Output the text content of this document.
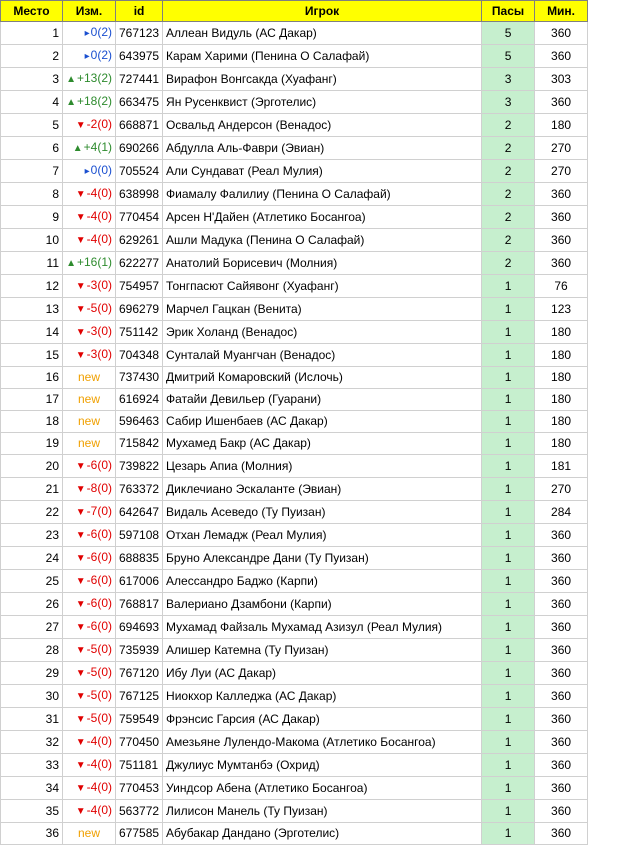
Место	Изм.	id	Игрок	Пасы	Мин.	
1	▸0(2)	767123	Аллеан Видуль (АС Дакар)	5	360	
2	▸0(2)	643975	Карам Харими (Пенина О Салафай)	5	360	
3	▲+13(2)	727441	Вирафон Вонгсакда (Хуафанг)	3	303	
4	▲+18(2)	663475	Ян Русенквист (Эрготелис)	3	360	
5	▼-2(0)	668871	Освальд Андерсон (Венадос)	2	180	
6	▲+4(1)	690266	Абдулла Аль-Фаври (Эвиан)	2	270	
7	▸0(0)	705524	Али Сундават (Реал Мулия)	2	270	
8	▼-4(0)	638998	Фиамалу Фалилиу (Пенина О Салафай)	2	360	
9	▼-4(0)	770454	Арсен Н'Дайен (Атлетико Босангоа)	2	360	
10	▼-4(0)	629261	Ашли Мадука (Пенина О Салафай)	2	360	
11	▲+16(1)	622277	Анатолий Борисевич (Молния)	2	360	
12	▼-3(0)	754957	Тонгпасют Сайявонг (Хуафанг)	1	76	
13	▼-5(0)	696279	Марчел Гацкан (Венита)	1	123	
14	▼-3(0)	751142	Эрик Холанд (Венадос)	1	180	
15	▼-3(0)	704348	Сунталай Муангчан (Венадос)	1	180	
16	new	737430	Дмитрий Комаровский (Ислочь)	1	180	
17	new	616924	Фатайи Девильер (Гуарани)	1	180	
18	new	596463	Сабир Ишенбаев (АС Дакар)	1	180	
19	new	715842	Мухамед Бакр (АС Дакар)	1	180	
20	▼-6(0)	739822	Цезарь Апиа (Молния)	1	181	
21	▼-8(0)	763372	Диклечиано Эскаланте (Эвиан)	1	270	
22	▼-7(0)	642647	Видаль Асеведо (Ту Пуизан)	1	284	
23	▼-6(0)	597108	Отхан Лемадж (Реал Мулия)	1	360	
24	▼-6(0)	688835	Бруно Александре Дани (Ту Пуизан)	1	360	
25	▼-6(0)	617006	Алессандро Баджо (Карпи)	1	360	
26	▼-6(0)	768817	Валериано Дзамбони (Карпи)	1	360	
27	▼-6(0)	694693	Мухамад Файзаль Мухамад Азизул (Реал Мулия)	1	360	
28	▼-5(0)	735939	Алишер Катемна (Ту Пуизан)	1	360	
29	▼-5(0)	767120	Ибу Луи (АС Дакар)	1	360	
30	▼-5(0)	767125	Ниокхор Калледжа (АС Дакар)	1	360	
31	▼-5(0)	759549	Фрэнсис Гарсия (АС Дакар)	1	360	
32	▼-4(0)	770450	Амезьяне Лулендо-Макома (Атлетико Босангоа)	1	360	
33	▼-4(0)	751181	Джулиус Мумтанбэ (Охрид)	1	360	
34	▼-4(0)	770453	Уиндсор Абена (Атлетико Босангоа)	1	360	
35	▼-4(0)	563772	Лилисон Манель (Ту Пуизан)	1	360	
36	new	677585	Абубакар Дандано (Эрготелис)	1	360	
